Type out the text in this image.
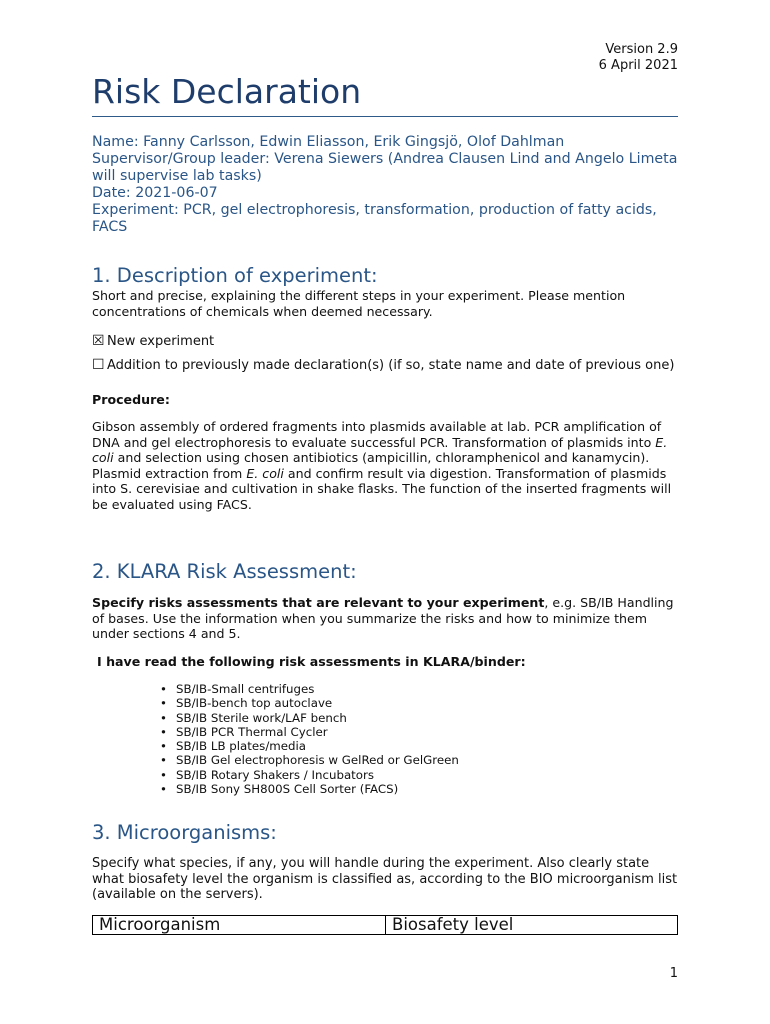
Version 2.9
6 April 2021
Risk Declaration
Name: Fanny Carlsson, Edwin Eliasson, Erik Gingsjö, Olof Dahlman
Supervisor/Group leader: Verena Siewers (Andrea Clausen Lind and Angelo Limeta will supervise lab tasks)
Date: 2021-06-07
Experiment: PCR, gel electrophoresis, transformation, production of fatty acids, FACS
1. Description of experiment:
Short and precise, explaining the different steps in your experiment. Please mention concentrations of chemicals when deemed necessary.
☒ New experiment
☐ Addition to previously made declaration(s) (if so, state name and date of previous one)
Procedure:
Gibson assembly of ordered fragments into plasmids available at lab. PCR amplification of DNA and gel electrophoresis to evaluate successful PCR. Transformation of plasmids into E. coli and selection using chosen antibiotics (ampicillin, chloramphenicol and kanamycin). Plasmid extraction from E. coli and confirm result via digestion. Transformation of plasmids into S. cerevisiae and cultivation in shake flasks. The function of the inserted fragments will be evaluated using FACS.
2. KLARA Risk Assessment:
Specify risks assessments that are relevant to your experiment, e.g. SB/IB Handling of bases. Use the information when you summarize the risks and how to minimize them under sections 4 and 5.
I have read the following risk assessments in KLARA/binder:
• SB/IB-Small centrifuges
• SB/IB-bench top autoclave
• SB/IB Sterile work/LAF bench
• SB/IB PCR Thermal Cycler
• SB/IB LB plates/media
• SB/IB Gel electrophoresis w GelRed or GelGreen
• SB/IB Rotary Shakers / Incubators
• SB/IB Sony SH800S Cell Sorter (FACS)
3. Microorganisms:
Specify what species, if any, you will handle during the experiment. Also clearly state what biosafety level the organism is classified as, according to the BIO microorganism list (available on the servers).
Microorganism	Biosafety level
1
